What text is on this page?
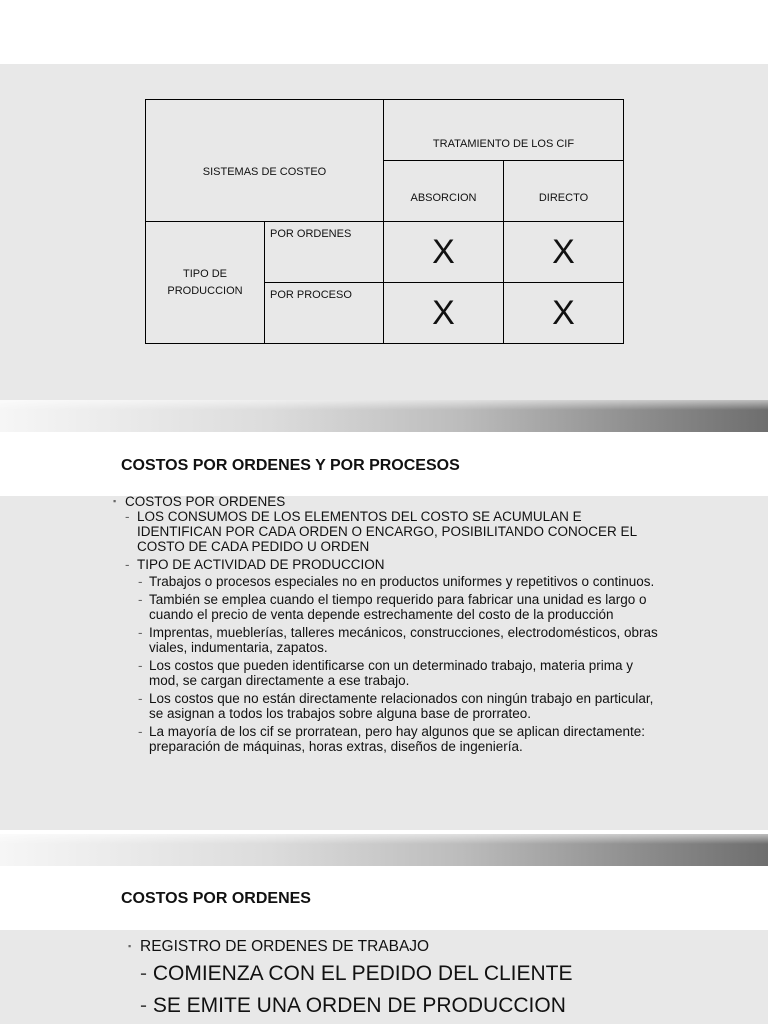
SISTEMAS DE COSTEO		TRATAMIENTO DE LOS CIF	

		ABSORCION	DIRECTO

TIPO DE PRODUCCION	POR ORDENES	X	X

	POR PROCESO	X	X
COSTOS POR ORDENES Y POR PROCESOS
▪ COSTOS POR ORDENES
- LOS CONSUMOS DE LOS ELEMENTOS DEL COSTO SE ACUMULAN E IDENTIFICAN POR CADA ORDEN O ENCARGO, POSIBILITANDO CONOCER EL COSTO DE CADA PEDIDO U ORDEN
- TIPO DE ACTIVIDAD DE PRODUCCION
- Trabajos o procesos especiales no en productos uniformes y repetitivos o continuos.
- También se emplea cuando el tiempo requerido para fabricar una unidad es largo o cuando el precio de venta depende estrechamente del costo de la producción
- Imprentas, mueblerías, talleres mecánicos, construcciones, electrodomésticos, obras viales, indumentaria, zapatos.
- Los costos que pueden identificarse con un determinado trabajo, materia prima y mod, se cargan directamente a ese trabajo.
- Los costos que no están directamente relacionados con ningún trabajo en particular, se asignan a todos los trabajos sobre alguna base de prorrateo.
- La mayoría de los cif se prorratean, pero hay algunos que se aplican directamente: preparación de máquinas, horas extras, diseños de ingeniería.
COSTOS POR ORDENES
▪ REGISTRO DE ORDENES DE TRABAJO
- COMIENZA CON EL PEDIDO DEL CLIENTE
- SE EMITE UNA ORDEN DE PRODUCCION
